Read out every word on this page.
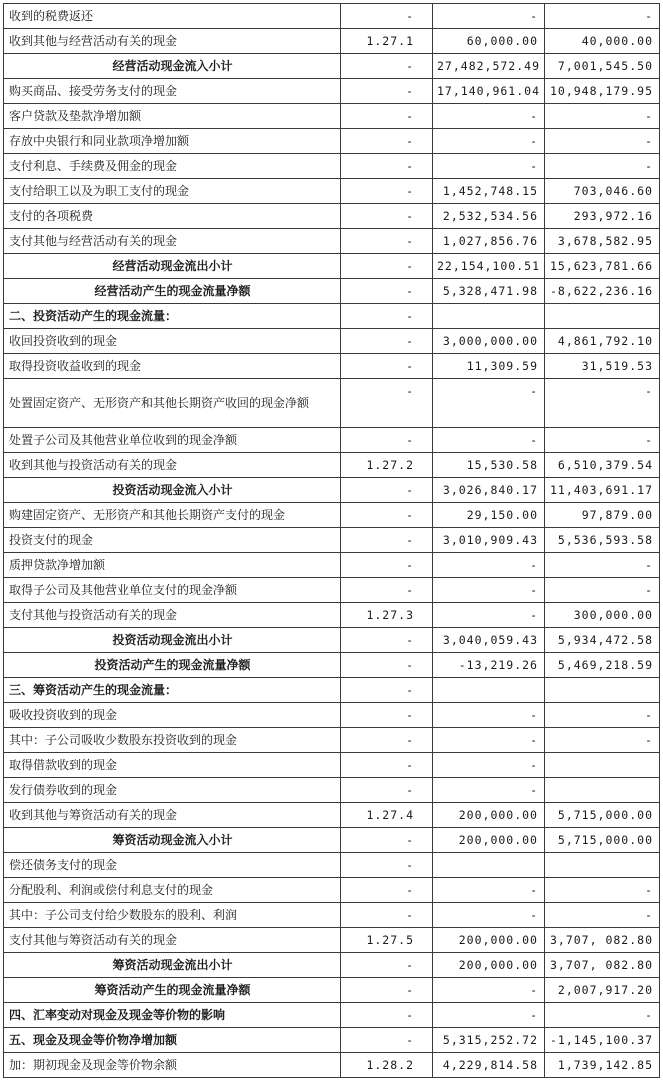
收到的税费返还	-	-	-
收到其他与经营活动有关的现金	1.27.1	60,000.00	40,000.00
经营活动现金流入小计	-	27,482,572.49	7,001,545.50
购买商品、接受劳务支付的现金	-	17,140,961.04	10,948,179.95
客户贷款及垫款净增加额	-	-	-
存放中央银行和同业款项净增加额	-	-	-
支付利息、手续费及佣金的现金	-	-	-
支付给职工以及为职工支付的现金	-	1,452,748.15	703,046.60
支付的各项税费	-	2,532,534.56	293,972.16
支付其他与经营活动有关的现金	-	1,027,856.76	3,678,582.95
经营活动现金流出小计	-	22,154,100.51	15,623,781.66
经营活动产生的现金流量净额	-	5,328,471.98	-8,622,236.16
二、投资活动产生的现金流量：	-		
收回投资收到的现金	-	3,000,000.00	4,861,792.10
取得投资收益收到的现金	-	11,309.59	31,519.53
处置固定资产、无形资产和其他长期资产收回的现金净额	-	-	-
处置子公司及其他营业单位收到的现金净额	-	-	-
收到其他与投资活动有关的现金	1.27.2	15,530.58	6,510,379.54
投资活动现金流入小计	-	3,026,840.17	11,403,691.17
购建固定资产、无形资产和其他长期资产支付的现金	-	29,150.00	97,879.00
投资支付的现金	-	3,010,909.43	5,536,593.58
质押贷款净增加额	-	-	-
取得子公司及其他营业单位支付的现金净额	-	-	-
支付其他与投资活动有关的现金	1.27.3	-	300,000.00
投资活动现金流出小计	-	3,040,059.43	5,934,472.58
投资活动产生的现金流量净额	-	-13,219.26	5,469,218.59
三、筹资活动产生的现金流量：	-		
吸收投资收到的现金	-	-	-
其中：子公司吸收少数股东投资收到的现金	-	-	-
取得借款收到的现金	-	-	
发行债券收到的现金	-	-	
收到其他与筹资活动有关的现金	1.27.4	200,000.00	5,715,000.00
筹资活动现金流入小计	-	200,000.00	5,715,000.00
偿还债务支付的现金	-		
分配股利、利润或偿付利息支付的现金	-	-	-
其中：子公司支付给少数股东的股利、利润	-	-	-
支付其他与筹资活动有关的现金	1.27.5	200,000.00	3,707, 082.80
筹资活动现金流出小计	-	200,000.00	3,707, 082.80
筹资活动产生的现金流量净额	-	-	2,007,917.20
四、汇率变动对现金及现金等价物的影响	-	-	-
五、现金及现金等价物净增加额	-	5,315,252.72	-1,145,100.37
加：期初现金及现金等价物余额	1.28.2	4,229,814.58	1,739,142.85
